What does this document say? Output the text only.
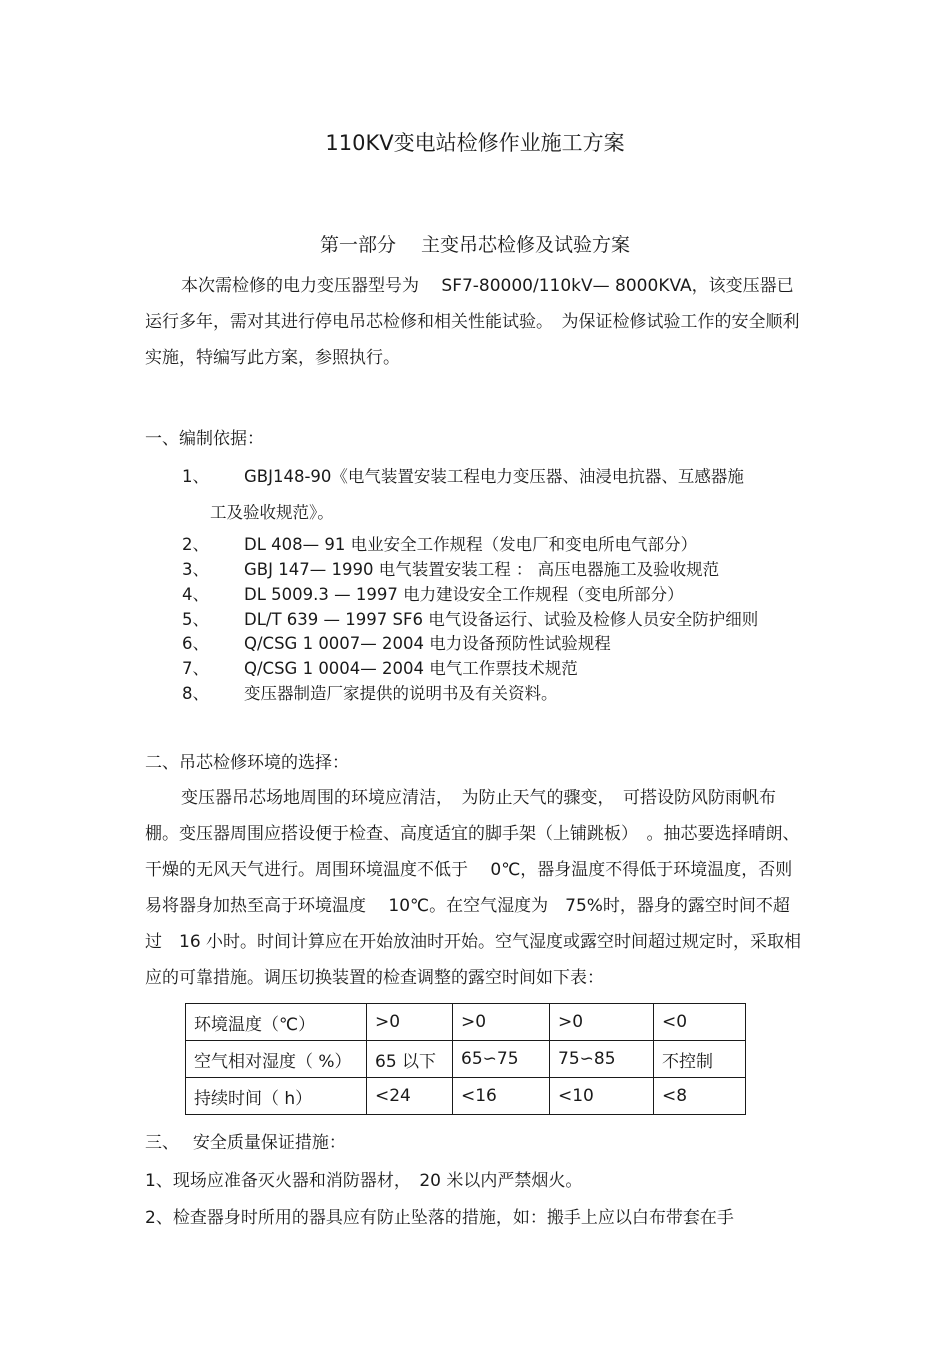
110KV变电站检修作业施工方案
第一部分　 主变吊芯检修及试验方案
本次需检修的电力变压器型号为　 SF7-80000/110kV— 8000KVA，该变压器已运行多年，需对其进行停电吊芯检修和相关性能试验。　为保证检修试验工作的安全顺利实施，特编写此方案，参照执行。
一、编制依据：
1、 GBJ148-90《电气装置安装工程电力变压器、油浸电抗器、互感器施
工及验收规范》。
2、 DL 408— 91 电业安全工作规程（发电厂和变电所电气部分）
3、 GBJ 147— 1990 电气装置安装工程 ： 高压电器施工及验收规范
4、 DL 5009.3 — 1997 电力建设安全工作规程（变电所部分）
5、 DL/T 639 — 1997 SF6 电气设备运行、试验及检修人员安全防护细则
6、 Q/CSG 1 0007— 2004 电力设备预防性试验规程
7、 Q/CSG 1 0004— 2004 电气工作票技术规范
8、 变压器制造厂家提供的说明书及有关资料。
二、吊芯检修环境的选择：
变压器吊芯场地周围的环境应清洁，　为防止天气的骤变，　可搭设防风防雨帆布棚。变压器周围应搭设便于检查、高度适宜的脚手架（上铺跳板）　。抽芯要选择晴朗、干燥的无风天气进行。周围环境温度不低于　 0℃，器身温度不得低于环境温度，否则易将器身加热至高于环境温度　 10℃。在空气湿度为　75%时，器身的露空时间不超过　16 小时。时间计算应在开始放油时开始。空气湿度或露空时间超过规定时，采取相应的可靠措施。调压切换装置的检查调整的露空时间如下表：
环境温度（℃）	>0	>0	>0	<0
空气相对湿度（ %）	65 以下	65∽75	75∽85	不控制
持续时间（ h）	<24	<16	<10	<8
三、　 安全质量保证措施：
1、现场应准备灭火器和消防器材，　20 米以内严禁烟火。
2、检查器身时所用的器具应有防止坠落的措施，如：搬手上应以白布带套在手
